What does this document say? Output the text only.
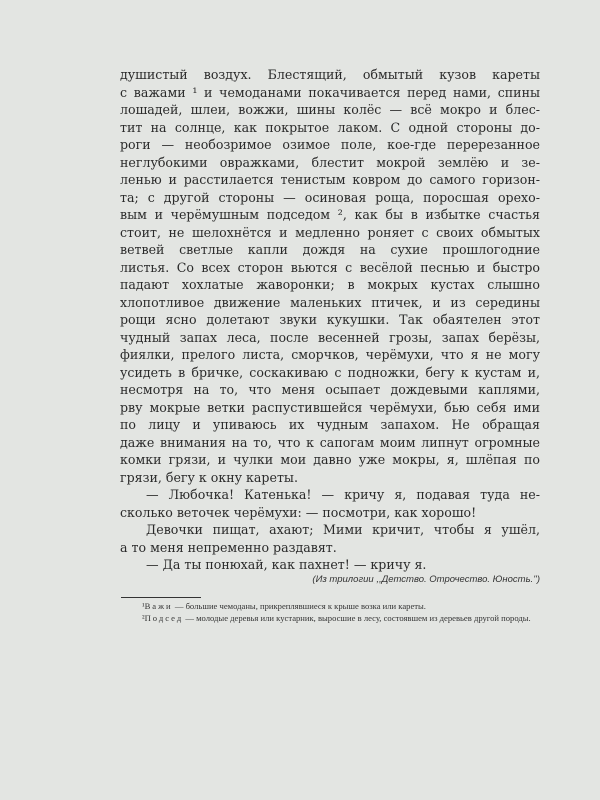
душистый воздух. Блестящий, обмытый кузов кареты
с важами ¹ и чемоданами покачивается перед нами, спины
лошадей, шлеи, вожжи, шины колёс — всё мокро и блес-
тит на солнце, как покрытое лаком. С одной стороны до-
роги — необозримое озимое поле, кое-где перерезанное
неглубокими овражками, блестит мокрой землёю и зе-
ленью и расстилается тенистым ковром до самого горизон-
та; с другой стороны — осиновая роща, поросшая орехо-
вым и черёмушным подседом ², как бы в избытке счастья
стоит, не шелохнётся и медленно роняет с своих обмытых
ветвей светлые капли дождя на сухие прошлогодние
листья. Со всех сторон вьются с весёлой песнью и быстро
падают хохлатые жаворонки; в мокрых кустах слышно
хлопотливое движение маленьких птичек, и из середины
рощи ясно долетают звуки кукушки. Так обаятелен этот
чудный запах леса, после весенней грозы, запах берёзы,
фиялки, прелого листа, сморчков, черёмухи, что я не могу
усидеть в бричке, соскакиваю с подножки, бегу к кустам и,
несмотря на то, что меня осыпает дождевыми каплями,
рву мокрые ветки распустившейся черёмухи, бью себя ими
по лицу и упиваюсь их чудным запахом. Не обращая
даже внимания на то, что к сапогам моим липнут огромные
комки грязи, и чулки мои давно уже мокры, я, шлёпая по
грязи, бегу к окну кареты.
— Любочка! Катенька! — кричу я, подавая туда не-
сколько веточек черёмухи: — посмотри, как хорошо!
Девочки пищат, ахают; Мими кричит, чтобы я ушёл,
а то меня непременно раздавят.
— Да ты понюхай, как пахнет! — кричу я.
(Из трилогии ,,Детство. Отрочество. Юность.'')

¹Важи — большие чемоданы, прикреплявшиеся к крыше возка или кареты.

²Подсед — молодые деревья или кустарник, выросшие в лесу, состоявшем из деревьев другой породы.
